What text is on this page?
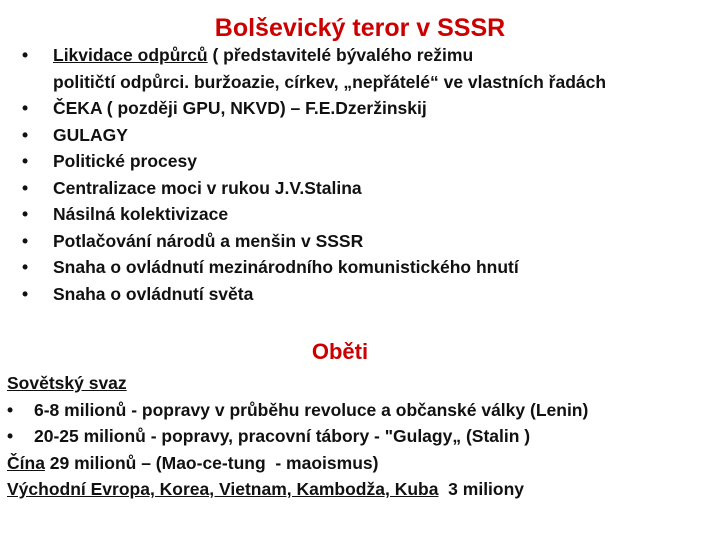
Bolševický teror v SSSR
• Likvidace odpůrců ( představitelé bývalého režimu
političtí odpůrci. buržoazie, církev, „nepřátelé“ ve vlastních řadách
• ČEKA ( později GPU, NKVD) – F.E.Dzeržinskij
• GULAGY
• Politické procesy
• Centralizace moci v rukou J.V.Stalina
• Násilná kolektivizace
• Potlačování národů a menšin v SSSR
• Snaha o ovládnutí mezinárodního komunistického hnutí
• Snaha o ovládnutí světa
Oběti
Sovětský svaz
• 6-8 milionů - popravy v průběhu revoluce a občanské války (Lenin)
• 20-25 milionů - popravy, pracovní tábory - "Gulagy„ (Stalin )
Čína 29 milionů – (Mao-ce-tung  - maoismus)
Východní Evropa, Korea, Vietnam, Kambodža, Kuba  3 miliony
